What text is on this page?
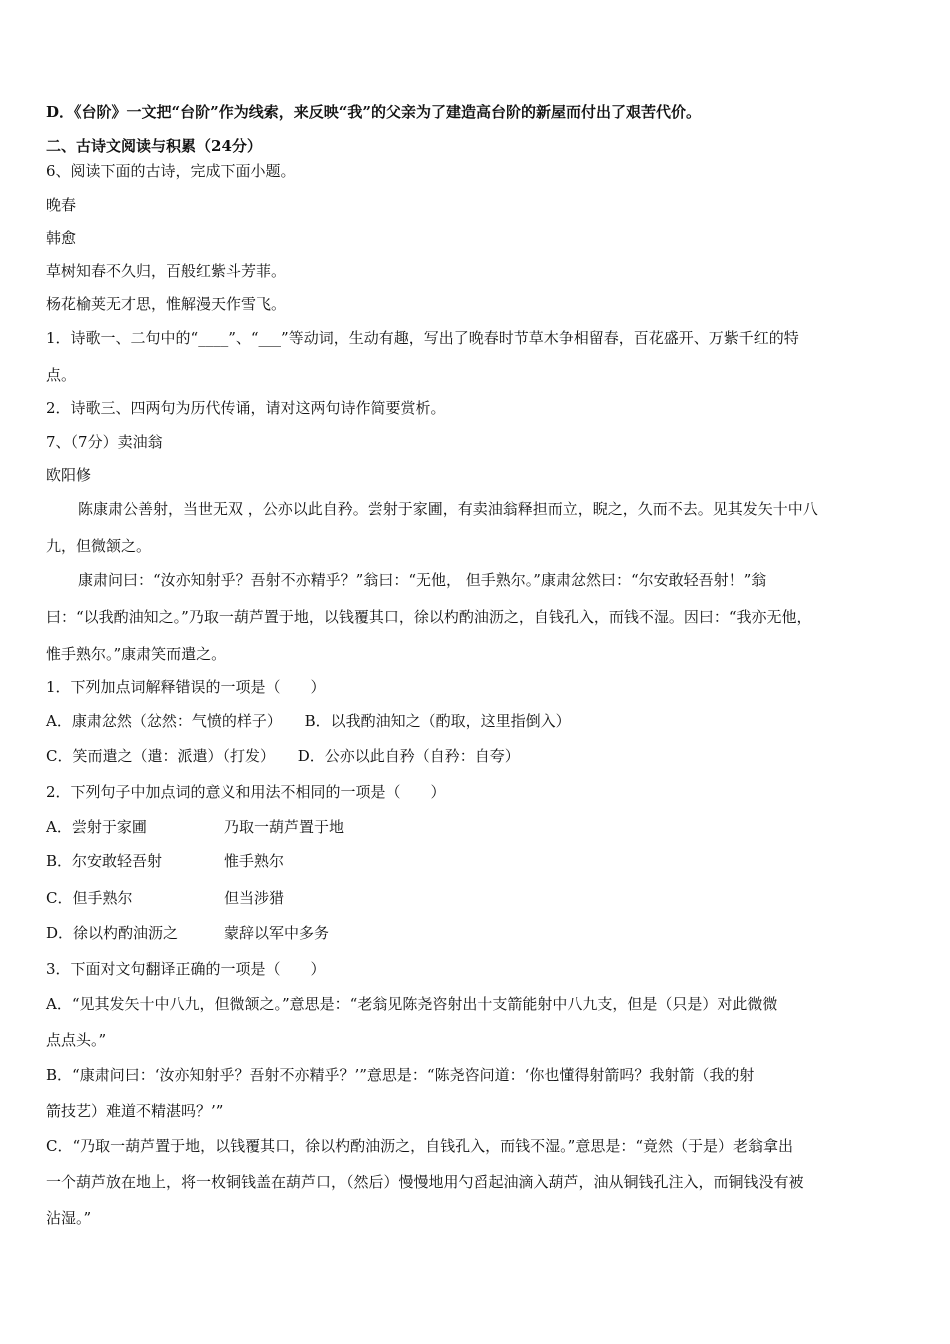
D．《台阶》一文把“台阶”作为线索，来反映“我”的父亲为了建造高台阶的新屋而付出了艰苦代价。
二、古诗文阅读与积累（24分）
6、阅读下面的古诗，完成下面小题。
晚春
韩愈
草树知春不久归，百般红紫斗芳菲。
杨花榆荚无才思，惟解漫天作雪飞。
1．诗歌一、二句中的“____”、“___”等动词，生动有趣，写出了晚春时节草木争相留春，百花盛开、万紫千红的特
点。
2．诗歌三、四两句为历代传诵，请对这两句诗作简要赏析。
7、（7分）卖油翁
欧阳修
陈康肃公善射，当世无双 ，公亦以此自矜。尝射于家圃，有卖油翁释担而立，睨之，久而不去。见其发矢十中八
九，但微颔之。
康肃问曰：“汝亦知射乎？吾射不亦精乎？”翁曰：“无他， 但手熟尔。”康肃忿然曰：“尔安敢轻吾射！”翁
曰：“以我酌油知之。”乃取一葫芦置于地，以钱覆其口，徐以杓酌油沥之，自钱孔入，而钱不湿。因曰：“我亦无他，
惟手熟尔。”康肃笑而遣之。
1．下列加点词解释错误的一项是（　　）
A．康肃忿然（忿然：气愤的样子） B．以我酌油知之（酌取，这里指倒入）
C．笑而遣之（遣：派遣）（打发） D．公亦以此自矜（自矜：自夸）
2．下列句子中加点词的意义和用法不相同的一项是（　　）
A．尝射于家圃	乃取一葫芦置于地
B．尔安敢轻吾射	惟手熟尔
C．但手熟尔	但当涉猎
D．徐以杓酌油沥之	蒙辞以军中多务
3．下面对文句翻译正确的一项是（　　）
A．“见其发矢十中八九，但微颔之。”意思是：“老翁见陈尧咨射出十支箭能射中八九支，但是（只是）对此微微
点点头。”
B．“康肃问曰：‘汝亦知射乎？吾射不亦精乎？’”意思是：“陈尧咨问道：‘你也懂得射箭吗？我射箭（我的射
箭技艺）难道不精湛吗？’”
C．“乃取一葫芦置于地，以钱覆其口，徐以杓酌油沥之，自钱孔入，而钱不湿。”意思是：“竟然（于是）老翁拿出
一个葫芦放在地上，将一枚铜钱盖在葫芦口，（然后）慢慢地用勺舀起油滴入葫芦，油从铜钱孔注入，而铜钱没有被
沾湿。”
